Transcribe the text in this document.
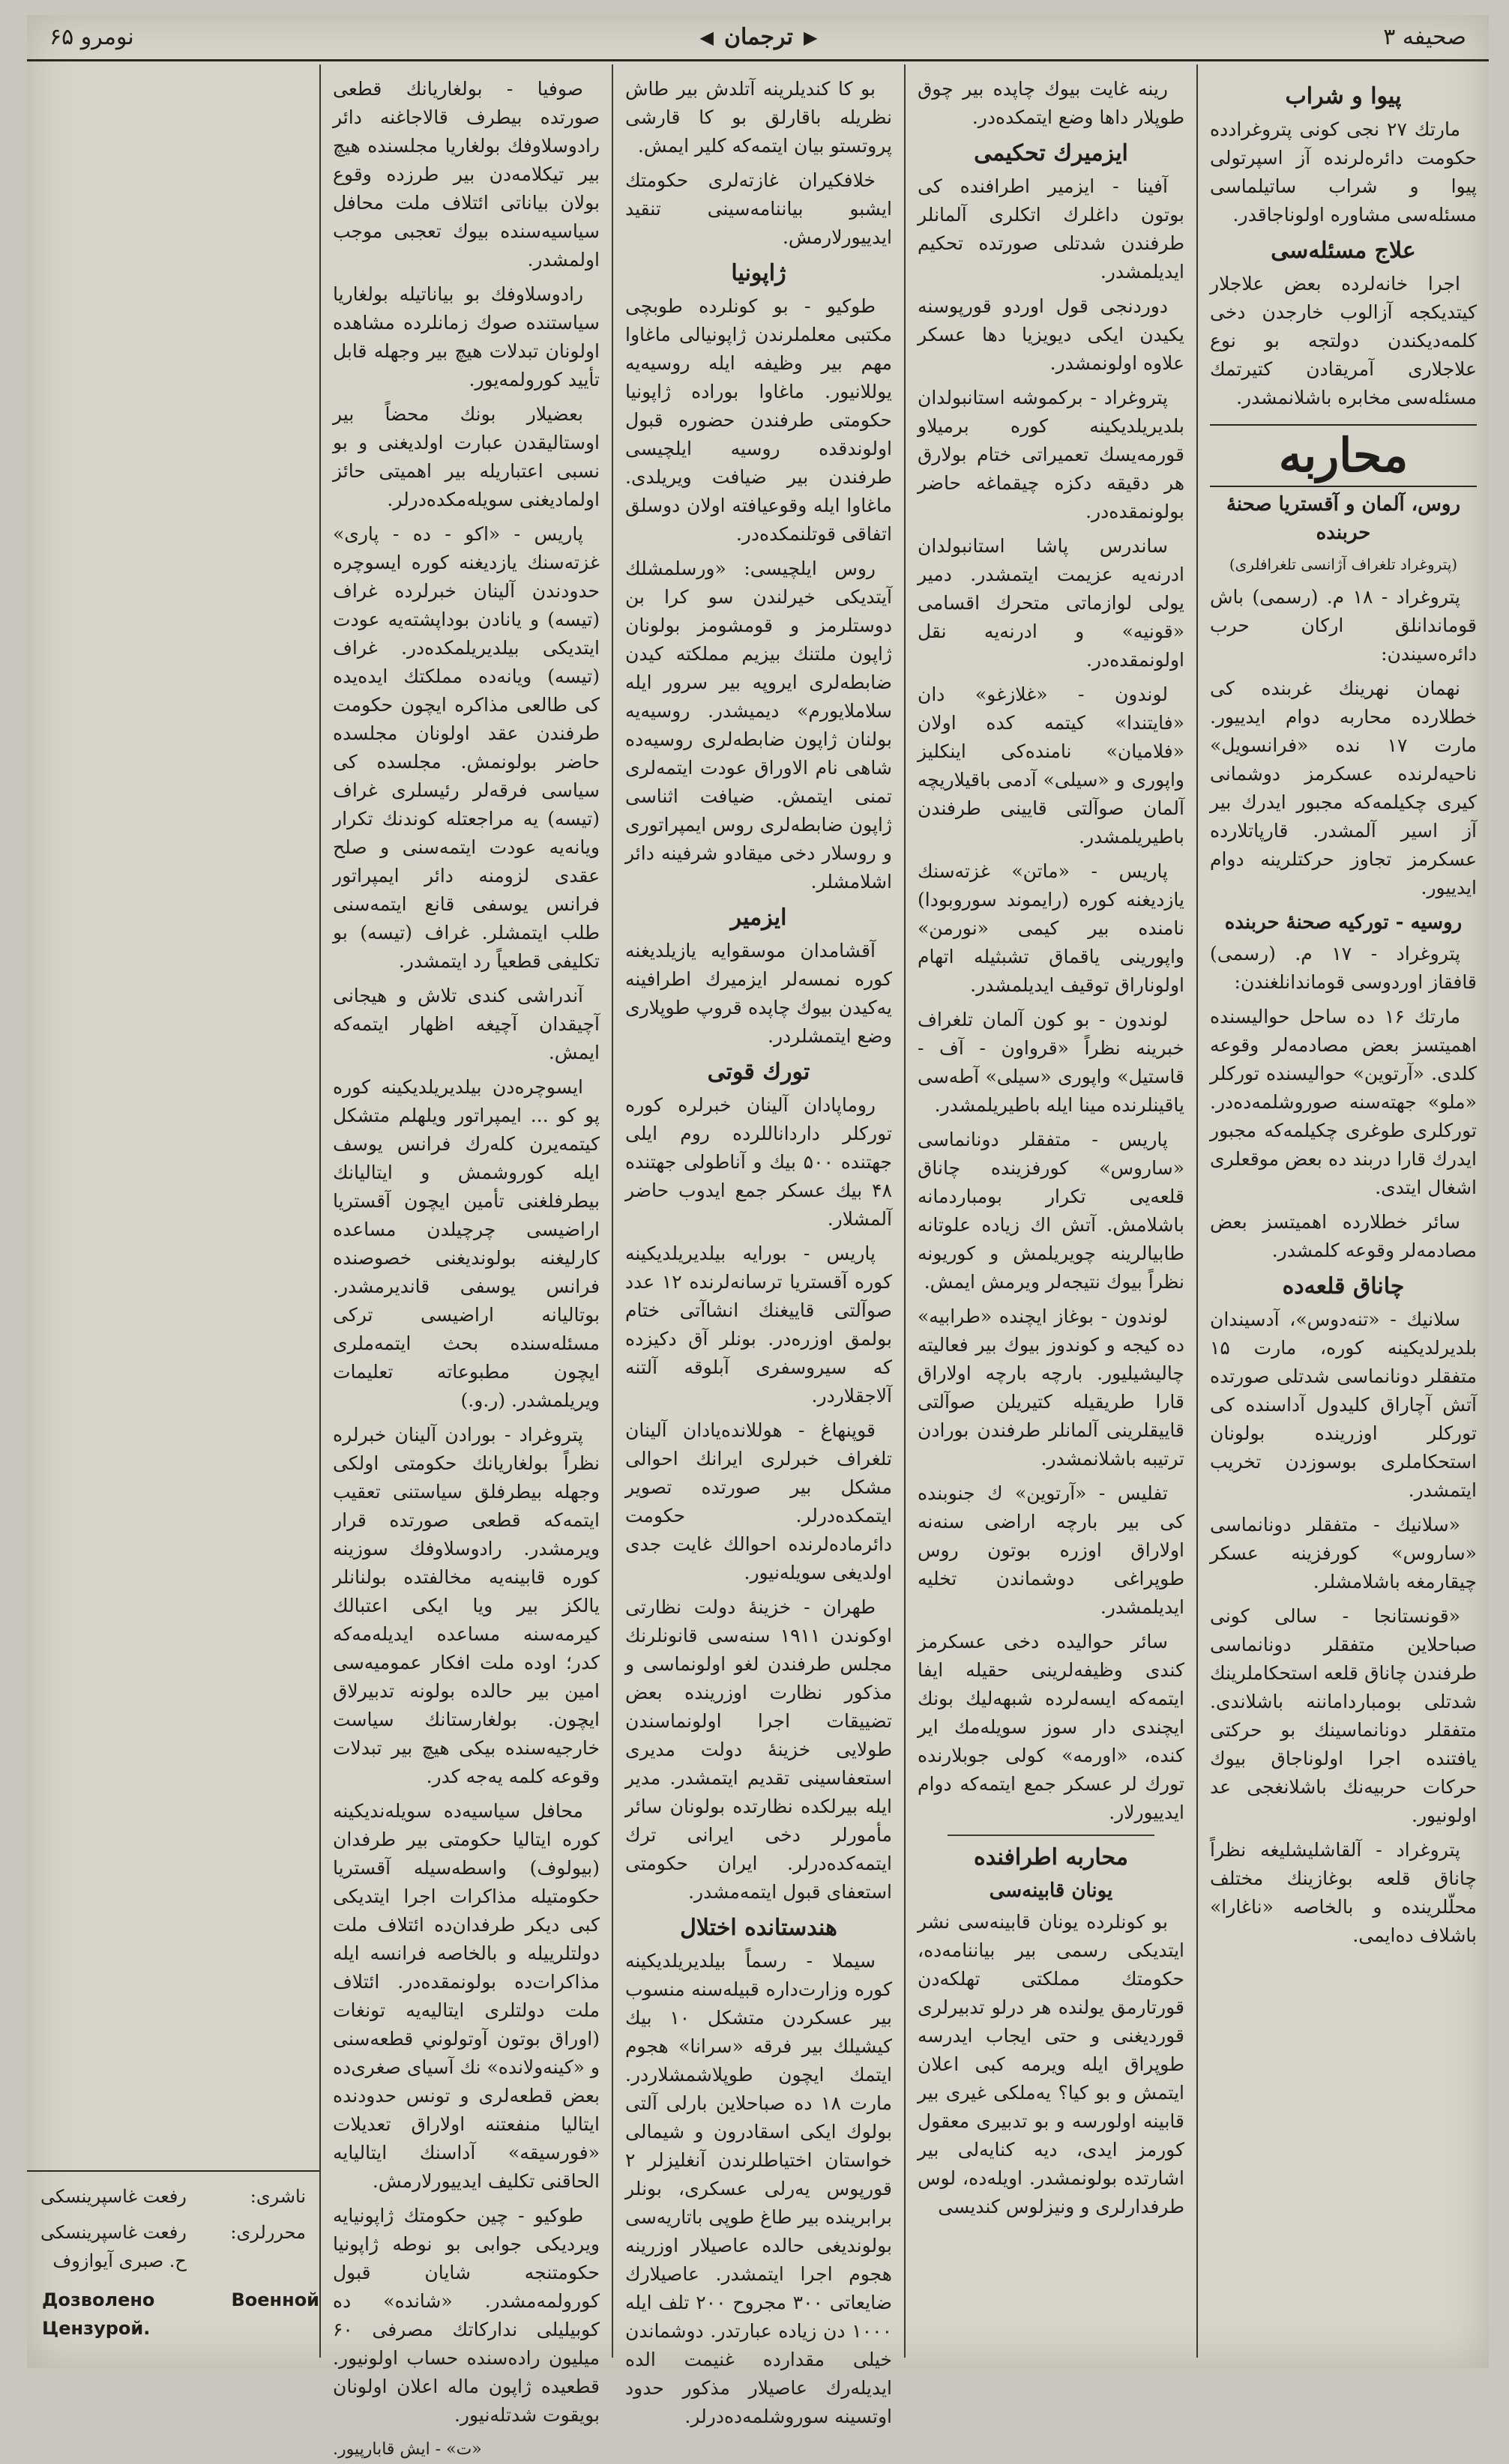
صحیفه ۳
▶
ترجمان
◀
نومرو ۶۵
پیوا و شراب

مارتك ۲۷ نجی کونی پتروغرادده حکومت دائره‌لرنده آز اسپرتولی پیوا و شراب ساتیلماسی مسئله‌سی مشاوره اولوناجاقدر.

علاج مسئله‌سی

اجرا خانه‌لرده بعض علاجلار کیتدیکجه آزالوب خارجدن دخی کلمه‌دیکندن دولتجه بو نوع علاجلاری آمریقادن کتیرتمك مسئله‌سی مخابره باشلانمشدر.

محاربه
روس، آلمان و آقستریا صحنۀ حربنده
(پتروغراد تلغراف آژانسی تلغرافلری)

پتروغراد - ۱۸ م. (رسمی) باش قوماندانلق ارکان حرب دائره‌سیندن:

نهمان نهرینك غربنده کی خطلارده محاربه دوام ایدییور. مارت ۱۷ نده «فرانسویل» ناحیه‌لرنده عسکرمز دوشمانی کیری چکیلمه‌که مجبور ایدرك بیر آز اسیر آلمشدر. قارپاتلارده عسکرمز تجاوز حرکتلرینه دوام ایدییور.

روسیه - تورکیه صحنۀ حربنده

پتروغراد - ۱۷ م. (رسمی) قافقاز اوردوسی قوماندانلغندن:

مارتك ۱۶ ده ساحل حواليسنده اهمیتسز بعض مصادمه‌لر وقوعه کلدی. «آرتوین» حواليسنده تورکلر «ملو» جهته‌سنه صوروشلمه‌ده‌در. تورکلری طوغری چکیلمه‌که مجبور ایدرك قارا دربند ده‌ بعض موقعلری اشغال ایتدی.

سائر خطلارده اهمیتسز بعض مصادمه‌لر وقوعه کلمشدر.

چاناق قلعه‌ده

سلانیك - «تنه‌دوس»، آدسیندان بلدیرلدیکینه کوره، مارت ۱۵ متفقلر دونانماسی شدتلی صورتده آتش آچاراق کلیدول آداسنده کی تورکلر اوزرینده بولونان استحکاملری بوسوزدن تخریب ایتمشدر.

«سلانیك - متفقلر دونانماسی «ساروس» کورفزینه عسکر چیقارمغه باشلامشلر.

«قونستانجا - سالی کونی صباحلاین متفقلر دونانماسی طرفندن چاناق قلعه استحکاملرینك شدتلی بومبارداماننه باشلاندی. متفقلر دونانماسینك بو حرکتی یافتنده اجرا اولوناجاق بیوك حرکات حربیه‌نك باشلانغجی عد اولونیور.

پتروغراد - آلقاشلیشلیغه نظراً چاناق قلعه بوغازینك مختلف محلّلرینده و بالخاصه «ناغارا» باشلاف ده‌ایمی.

رینه غایت بیوك چاپده بیر چوق طوپلار داها وضع ایتمکده‌در.

ایزمیرك تحکیمی

آفینا - ایزمیر اطرافنده کی بوتون داغلرك اتکلری آلمانلر طرفندن شدتلی صورتده تحکیم ایدیلمشدر.

دوردنجی قول اوردو قورپوسنه یکیدن ایکی دیویزیا دها عسکر علاوه اولونمشدر.

پتروغراد - برکموشه استانبولدان بلدیریلدیکینه کوره برمیلاو قورمه‌یسك تعمیراتی ختام بولارق هر دقیقه دکزه چیقماغه حاضر بولونمقده‌در.

ساندرس پاشا استانبولدان ادرنه‌یه عزیمت ایتمشدر. دمیر یولی لوازماتی متحرك اقسامی «قونیه» و ادرنه‌یه نقل اولونمقده‌در.

لوندون - «غلازغو» دان «فایتندا» کیتمه کده اولان «فلامیان» نامنده‌کی اینکلیز واپوری و «سیلی» آدمی باقیلاریچه آلمان صوآلتی قایینی طرفندن باطیریلمشدر.

پاریس - «ماتن» غزته‌سنك یازدیغنه کوره (رایموند سوروبودا) نامنده بیر کیمی «نورمن» واپورینی یاقماق تشبثیله اتهام اولوناراق توقیف ایدیلمشدر.

لوندون - بو کون آلمان تلغراف خبرینه نظراً «قرواون - آف - قاستیل» واپوری «سیلی» آطه‌سی یاقینلرنده مینا ایله باطیریلمشدر.

پاریس - متفقلر دونانماسی «ساروس» کورفزینده چاناق قلعه‌یی تکرار بومباردمانه باشلامش. آتش اك زیاده علوتانه طابیالرینه چویریلمش و کوریونه نظراً بیوك نتیجه‌لر ویرمش ایمش.

لوندون - بوغاز ایچنده «طرابیه» ده کیجه و کوندوز بیوك بیر فعالیته چالیشیلیور. بارچه بارچه اولاراق قارا طریقیله کتیریلن صوآلتی قاییقلرینی آلمانلر طرفندن بورادن ترتیبه باشلانمشدر.

تفلیس - «آرتوین» ك جنوبنده کی بیر بارچه اراضی سنه‌نه اولاراق اوزره بوتون روس طوپراغی دوشماندن تخلیه ایدیلمشدر.

سائر حواليده دخی عسکرمز کندی وظیفه‌لرینی حقیله ایفا ایتمه‌که ایسه‌لرده شبهه‌لیك بونك ایچندی دار سوز سویله‌مك ایر کنده، «اورمه» کولی جوبلارنده تورك لر عسکر جمع ایتمه‌که دوام ایدییورلار.

محاربه اطرافنده
یونان قابینه‌سی

بو کونلرده یونان قابینه‌سی نشر ایتدیکی رسمی بیر بیاننامه‌ده، حکومتك مملکتی تهلکه‌دن قورتارمق یولنده هر درلو تدبیرلری قوردیغنی و حتی ایجاب ایدرسه طوپراق ایله ویرمه کبی اعلان ایتمش و بو کیا؟ یه‌ملکی غیری بیر قابینه اولورسه و بو تدبیری معقول کورمز ایدی، دیه کنایه‌لی بیر اشارتده بولونمشدر. اویله‌ده، لوس طرفدارلری و ونیزلوس کندیسی

بو کا کندیلرینه آتلدش بیر طاش نظریله باقارلق بو کا قارشی پروتستو بیان ایتمه‌که کلیر ایمش.

خلافکیران غازته‌لری حکومتك ایشبو بیاننامه‌سینی تنقید ایدییورلارمش.

ژاپونیا

طوکیو - بو کونلرده طوبچی مکتبی معلملرندن ژاپونیالی ماغاوا مهم بیر وظیفه ایله روسیه‌یه یوللانیور. ماغاوا بوراده ژاپونیا حکومتی طرفندن حضوره قبول اولوندقده روسیه ایلچیسی طرفندن بیر ضیافت ویریلدی. ماغاوا ایله وقوعیافته اولان دوسلق اتفاقی قوتلنمکده‌در.

روس ایلچیسی: «ورسلمشلك آیتدیکی خیرلندن سو کرا بن دوستلرمز و قومشومز بولونان ژاپون ملتنك بیزیم مملکته کیدن ضابطه‌لری ایروپه بیر سرور ایله سلاملایورم» دیمیشدر. روسیه‌یه بولنان ژاپون ضابطه‌لری روسیه‌ده شاهی نام الاوراق عودت ایتمه‌لری تمنی ایتمش. ضیافت اثناسی ژاپون ضابطه‌لری روس ایمپراتوری و روسلار دخی میقادو شرفینه دائر اشلامشلر.

ایزمیر

آقشامدان موسقوایه یازیلدیغنه کوره نمسه‌لر ایزمیرك اطرافینه یه‌کیدن بیوك چاپده قروپ طوپلاری وضع ایتمشلردر.

تورك قوتی

روماپادان آلینان خبرلره کوره تورکلر دارداناللرده روم ایلی جهتنده ۵۰۰ بیك و آناطولی جهتنده ۴۸ بیك عسکر جمع ایدوب حاضر آلمشلار.

پاریس - بورایه بیلدیریلدیکینه کوره آقستریا ترسانه‌لرنده ۱۲ عدد صوآلتی قاییغنك انشاآتی ختام بولمق اوزره‌در. بونلر آق دکیزده که سیروسفری آبلوقه آلتنه آلاجقلاردر.

قوپنهاغ - هوللانده‌یادان آلینان تلغراف خبرلری ایرانك احوالی مشکل بیر صورتده تصویر ایتمکده‌درلر. حکومت دائرماده‌لرنده احوالك غایت جدی اولدیغی سویله‌نیور.

طهران - خزینۀ دولت نظارتی اوکوندن ۱۹۱۱ سنه‌سی قانونلرنك مجلس طرفندن لغو اولونماسی و مذکور نظارت اوزرینده بعض تضییقات اجرا اولونماسندن طولایی خزینۀ دولت مدیری استعفاسینی تقدیم ایتمشدر. مدیر ایله بیرلکده نظارتده بولونان سائر مأمورلر دخی ایرانی ترك ایتمه‌کده‌درلر. ایران حکومتی استعفای قبول ایتمه‌مشدر.

هندستانده اختلال

سیملا - رسماً بیلدیریلدیکینه کوره وزارت‌داره قبیله‌سنه منسوب بیر عسکردن متشکل ۱۰ بیك کیشیلك بیر فرقه «سرانا» هجوم ایتمك ایچون طوپلاشمشلاردر. مارت ۱۸ ده صباحلاین بارلی آلتی بولوك ایکی اسقادرون و شیمالی خواستان اختیاطلرندن آنغلیزلر ۲ قورپوس یه‌رلی عسکری، بونلر برابرینده بیر طاغ طوپی باتاریه‌سی بولوندیغی حالده عاصیلار اوزرینه هجوم اجرا ایتمشدر. عاصیلارك ضایعاتی ۳۰۰ مجروح ۲۰۰ تلف ایله ۱۰۰۰ دن زیاده عبارتدر. دوشماندن خیلی مقدارده غنیمت الده ایدیله‌رك عاصیلار مذکور حدود اوتسینه سوروشلمه‌ده‌درلر.

صوفیا - بولغاریانك قطعی صورتده بیطرف قالاجاغنه دائر رادوسلاوفك بولغاریا مجلسنده هیچ بیر تیکلامه‌دن بیر طرزده وقوع بولان بیاناتی ائتلاف ملت محافل سیاسیه‌سنده بیوك تعجبی موجب اولمشدر.

رادوسلاوفك بو بیاناتیله بولغاریا سیاستنده صوك زمانلرده مشاهده اولونان تبدلات هیچ بیر وجهله قابل تأیید کورولمه‌یور.

بعضیلار بونك محضاً بیر اوستالیقدن عبارت اولدیغنی و بو نسبی اعتباریله بیر اهمیتی حائز اولمادیغنی سویله‌مکده‌درلر.

پاریس - «اکو - ده - پاری» غزته‌سنك یازدیغنه کوره ایسوچره حدودندن آلینان خبرلرده غراف (تیسه) و یانادن بوداپشته‌یه عودت ایتدیکی بیلدیریلمکده‌در. غراف (تیسه) ویانه‌ده مملکتك ایده‌یده کی طالعی مذاکره ایچون حکومت طرفندن عقد اولونان مجلسده حاضر بولونمش. مجلسده کی سیاسی فرقه‌لر رئیسلری غراف (تیسه) یه مراجعتله کوندنك تکرار ویانه‌یه عودت ایتمه‌سنی و صلح عقدی لزومنه دائر ایمپراتور فرانس یوسفی قانع ایتمه‌سنی طلب ایتمشلر. غراف (تیسه) بو تکلیفی قطعیاً رد ایتمشدر.

آندراشی کندی تلاش و هیجانی آچیقدان آچیغه اظهار ایتمه‌که ایمش.

ایسوچره‌دن بیلدیریلدیکینه کوره پو کو ... ایمپراتور ویلهلم متشکل کیتمه‌یرن کله‌رك فرانس یوسف ایله کوروشمش و ایتالیانك بیطرفلغنی تأمین ایچون آقستریا اراضیسی چرچیلدن مساعده کارلیغنه بولوندیغنی خصوصنده فرانس یوسفی قاندیرمشدر. بوتالیانه اراضیسی ترکی مسئله‌سنده بحث ایتمه‌ملری ایچون مطبوعاته تعلیمات ویریلمشدر. (ر.و.)

پتروغراد - بورادن آلینان خبرلره نظراً بولغاریانك حکومتی اولکی وجهله بیطرفلق سیاستنی تعقیب ایتمه‌که قطعی صورتده قرار ویرمشدر. رادوسلاوفك سوزینه کوره قابینه‌یه مخالفتده بولنانلر یالکز بیر ویا ایکی اعتبالك کیرمه‌سنه مساعده ایدیله‌مه‌که کدر؛ اوده ملت افکار عمومیه‌سی امین بیر حالده بولونه تدبیرلاق ایچون. بولغارستانك سیاست خارجیه‌سنده بیکی هیچ بیر تبدلات وقوعه کلمه یه‌جه کدر.

محافل سیاسیه‌ده سویله‌ندیکینه کوره ایتالیا حکومتی بیر طرفدان (بیولوف) واسطه‌سیله آقستریا حکومتیله مذاکرات اجرا ایتدیکی کبی دیکر طرفدان‌ده ائتلاف ملت دولتلرییله و بالخاصه فرانسه ایله مذاکرات‌ده بولونمقده‌در. ائتلاف ملت دولتلری ایتالیه‌یه تونغات (اوراق بوتون آوتولوني قطعه‌سنی و «کینه‌ولانده» نك آسیای صغری‌ده بعض قطعه‌لری و تونس حدودنده ایتالیا منفعتنه اولاراق تعدیلات «فورسیقه» آداسنك ایتالیایه الحاقنی تکلیف ایدییورلارمش.

طوکیو - چین حکومتك ژاپونیایه ویردیکی جوابی بو نوطه ژاپونیا حکومتنجه شایان قبول کورولمه‌مشدر. «شانده» ده کوبیلیلی ندارکاتك مصرفی ۶۰ میلیون راده‌سنده حساب اولونیور. قطعیده ژاپون ماله اعلان اولونان بویقوت شدتله‌نیور.

«ت» - ایش قابارپیور.
ناشری:
رفعت غاسپرینسکی
محررلری:
رفعت غاسپرینسکی
ح. صبری آیوازوف
Дозволено Военной Цензурой.
